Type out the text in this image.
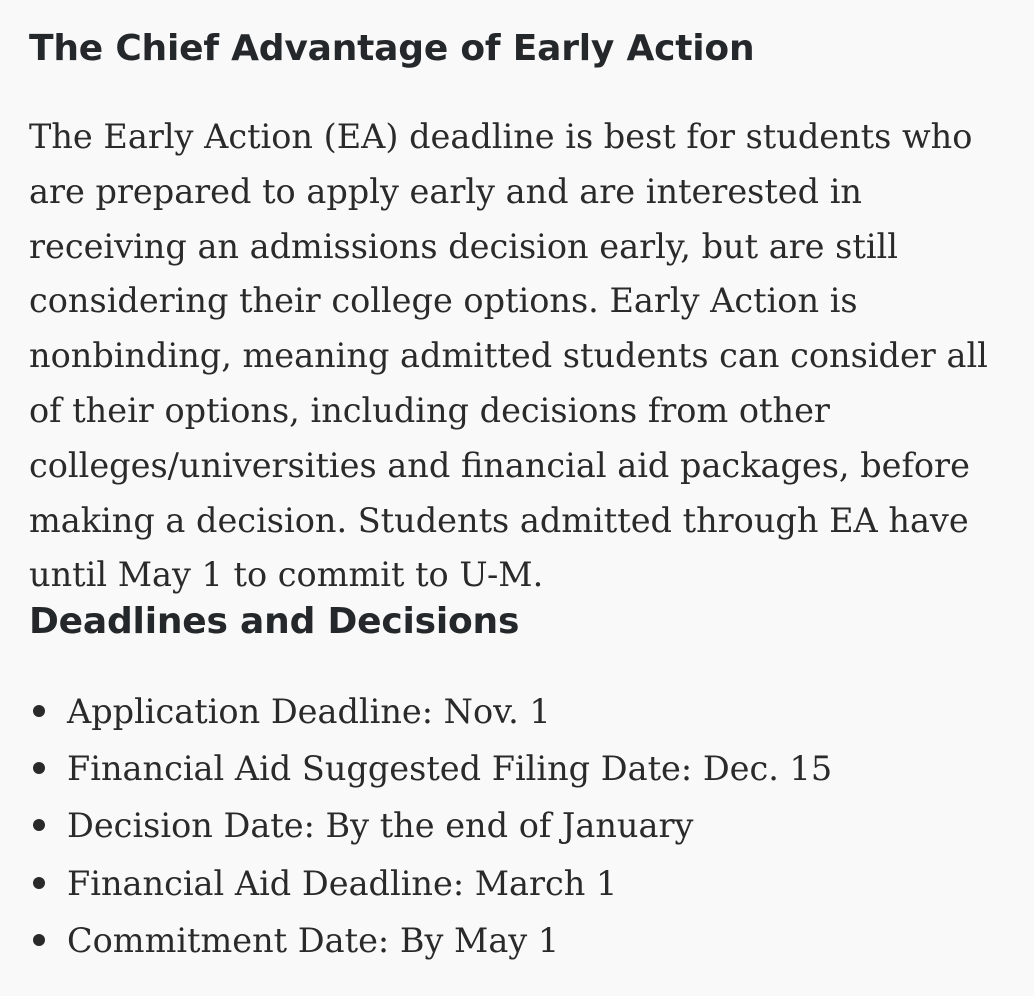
The Chief Advantage of Early Action

The Early Action (EA) deadline is best for students who are prepared to apply early and are interested in receiving an admissions decision early, but are still considering their college options. Early Action is nonbinding, meaning admitted students can consider all of their options, including decisions from other colleges/universities and financial aid packages, before making a decision. Students admitted through EA have until May 1 to commit to U-M.

Deadlines and Decisions
Application Deadline: Nov. 1
Financial Aid Suggested Filing Date: Dec. 15
Decision Date: By the end of January
Financial Aid Deadline: March 1
Commitment Date: By May 1
